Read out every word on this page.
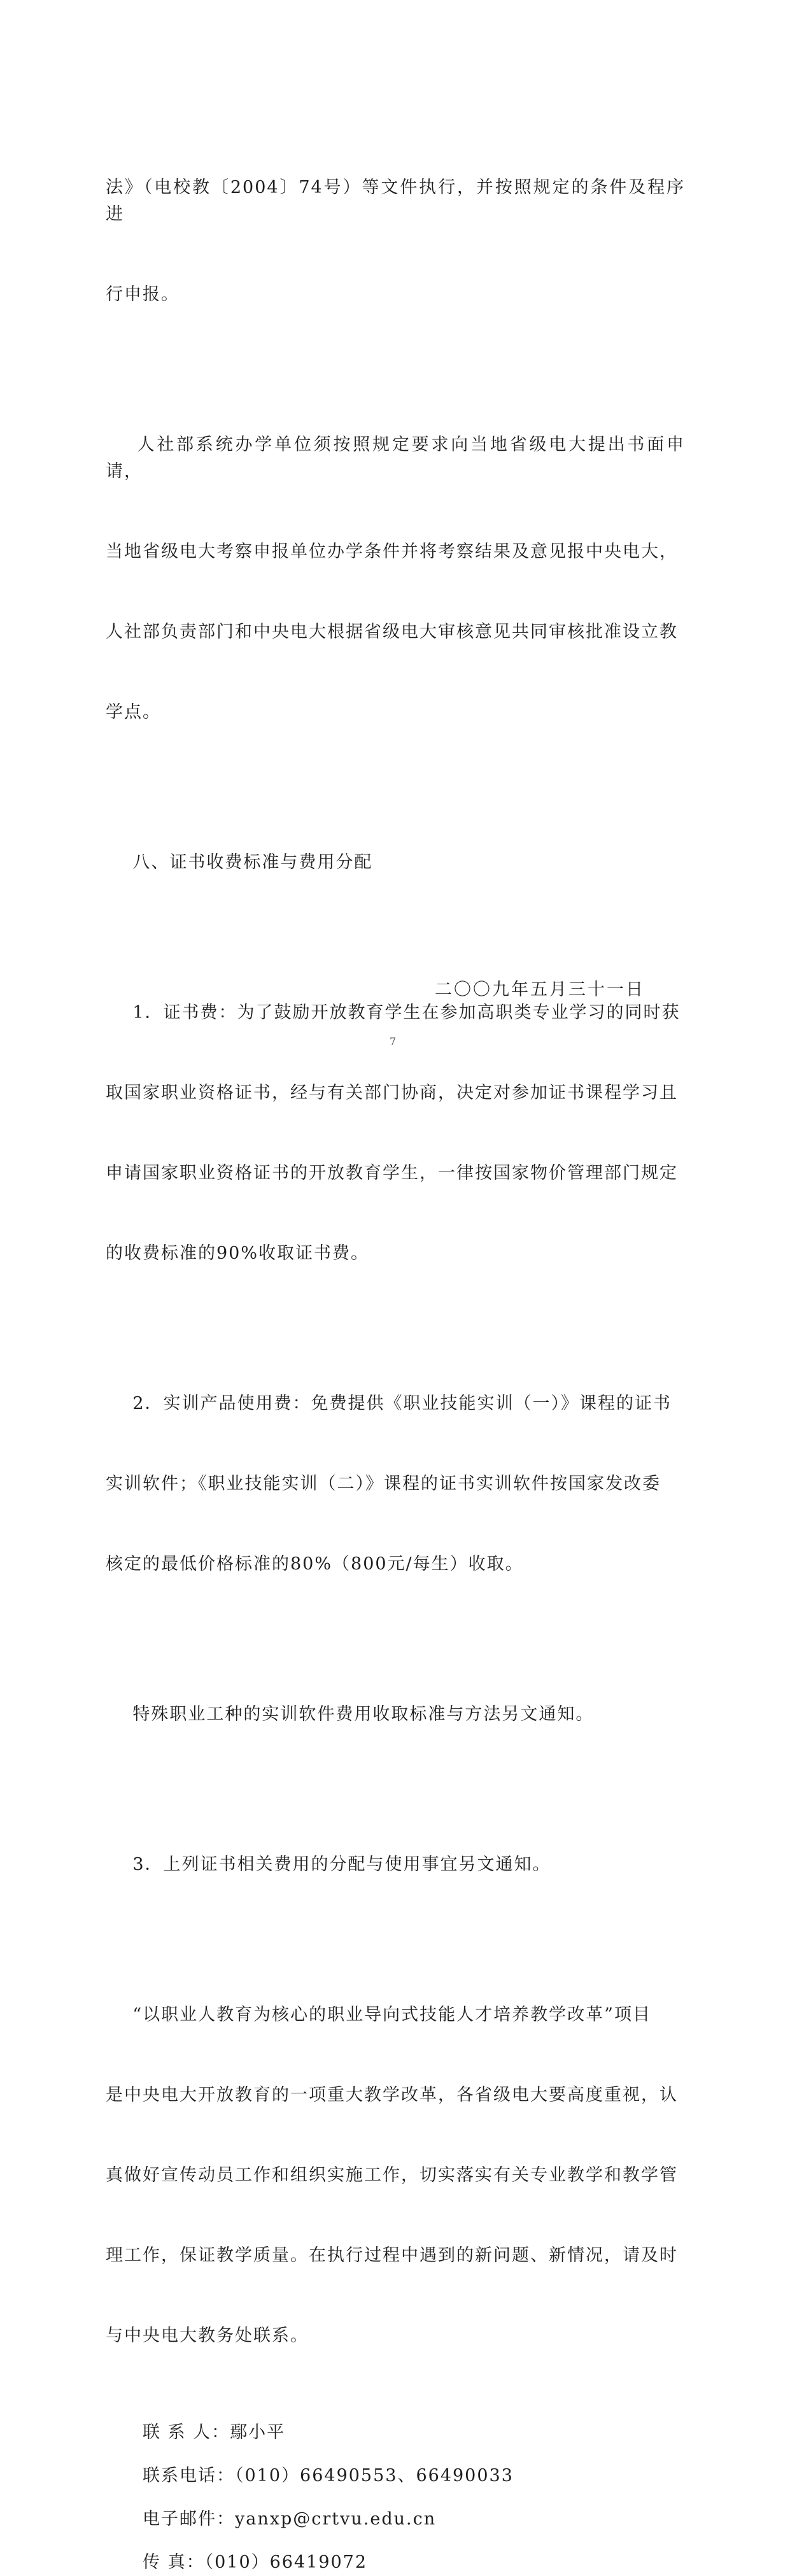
法》（电校教〔2004〕74号）等文件执行，并按照规定的条件及程序进

行申报。

人社部系统办学单位须按照规定要求向当地省级电大提出书面申请，

当地省级电大考察申报单位办学条件并将考察结果及意见报中央电大，

人社部负责部门和中央电大根据省级电大审核意见共同审核批准设立教

学点。

八、证书收费标准与费用分配

1．证书费：为了鼓励开放教育学生在参加高职类专业学习的同时获

取国家职业资格证书，经与有关部门协商，决定对参加证书课程学习且

申请国家职业资格证书的开放教育学生，一律按国家物价管理部门规定

的收费标准的90%收取证书费。

2．实训产品使用费：免费提供《职业技能实训（一）》课程的证书

实训软件；《职业技能实训（二）》课程的证书实训软件按国家发改委

核定的最低价格标准的80%（800元/每生）收取。

特殊职业工种的实训软件费用收取标准与方法另文通知。

3．上列证书相关费用的分配与使用事宜另文通知。

“以职业人教育为核心的职业导向式技能人才培养教学改革”项目

是中央电大开放教育的一项重大教学改革，各省级电大要高度重视，认

真做好宣传动员工作和组织实施工作，切实落实有关专业教学和教学管

理工作，保证教学质量。在执行过程中遇到的新问题、新情况，请及时

与中央电大教务处联系。

联 系 人：鄢小平

联系电话：（010）66490553、66490033

电子邮件：yanxp@crtvu.edu.cn

传 真：（010）66419072

二〇〇九年五月三十一日
7
